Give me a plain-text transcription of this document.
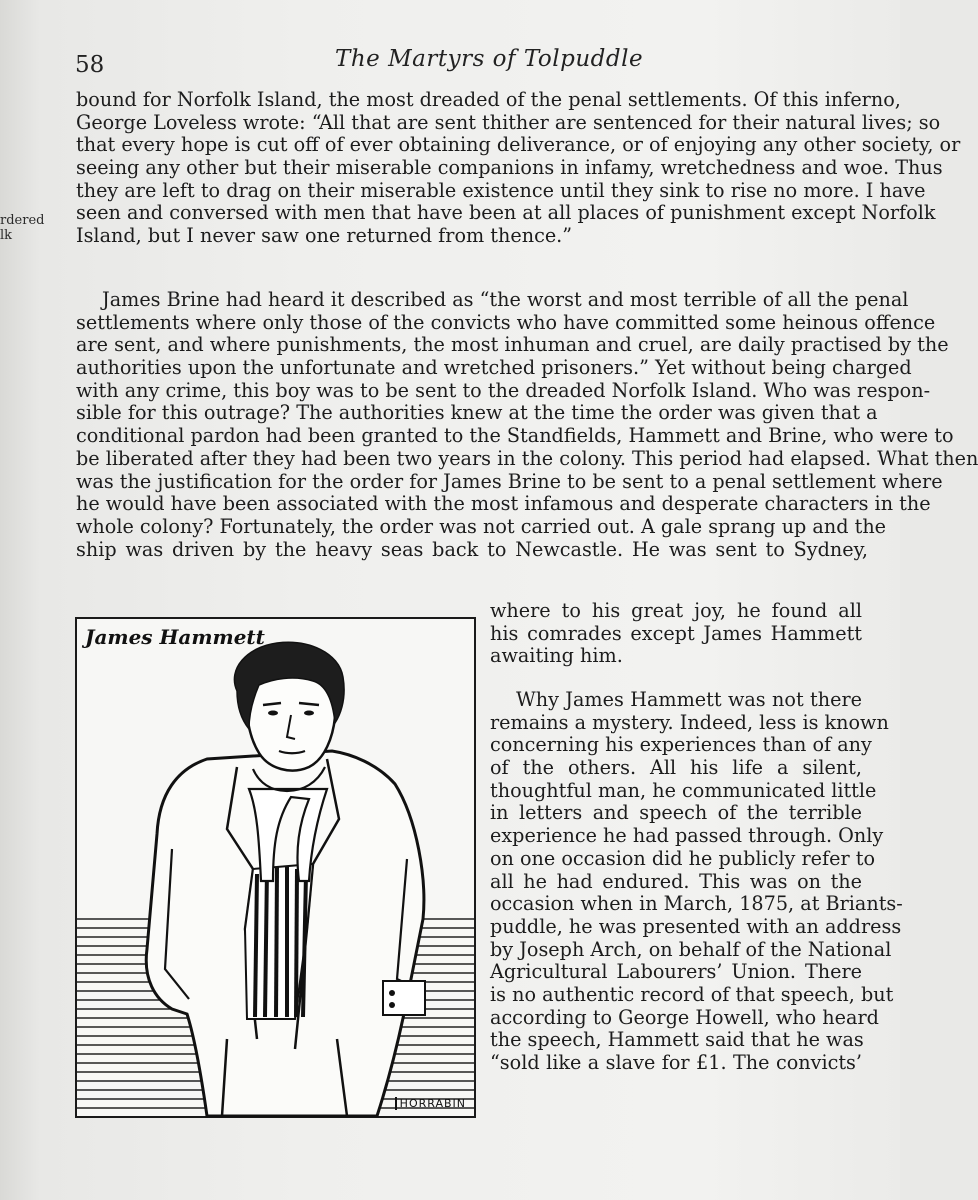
rdered
lk
58	The Martyrs of Tolpuddle
bound for Norfolk Island, the most dreaded of the penal settlements. Of this inferno,
George Loveless wrote: “All that are sent thither are sentenced for their natural lives; so
that every hope is cut off of ever obtaining deliverance, or of enjoying any other society, or
seeing any other but their miserable companions in infamy, wretchedness and woe. Thus
they are left to drag on their miserable existence until they sink to rise no more. I have
seen and conversed with men that have been at all places of punishment except Norfolk
Island, but I never saw one returned from thence.”
James Brine had heard it described as “the worst and most terrible of all the penal
settlements where only those of the convicts who have committed some heinous offence
are sent, and where punishments, the most inhuman and cruel, are daily practised by the
authorities upon the unfortunate and wretched prisoners.” Yet without being charged
with any crime, this boy was to be sent to the dreaded Norfolk Island. Who was respon-
sible for this outrage? The authorities knew at the time the order was given that a
conditional pardon had been granted to the Standfields, Hammett and Brine, who were to
be liberated after they had been two years in the colony. This period had elapsed. What then
was the justification for the order for James Brine to be sent to a penal settlement where
he would have been associated with the most infamous and desperate characters in the
whole colony? Fortunately, the order was not carried out. A gale sprang up and the
ship was driven by the heavy seas back to Newcastle. He was sent to Sydney,
where to his great joy, he found all
his comrades except James Hammett
awaiting him.
Why James Hammett was not there
remains a mystery. Indeed, less is known
concerning his experiences than of any
of the others. All his life a silent,
thoughtful man, he communicated little
in letters and speech of the terrible
experience he had passed through. Only
on one occasion did he publicly refer to
all he had endured. This was on the
occasion when in March, 1875, at Briants-
puddle, he was presented with an address
by Joseph Arch, on behalf of the National
Agricultural Labourers’ Union. There
is no authentic record of that speech, but
according to George Howell, who heard
the speech, Hammett said that he was
“sold like a slave for £1. The convicts’
James Hammett
HORRABIN
